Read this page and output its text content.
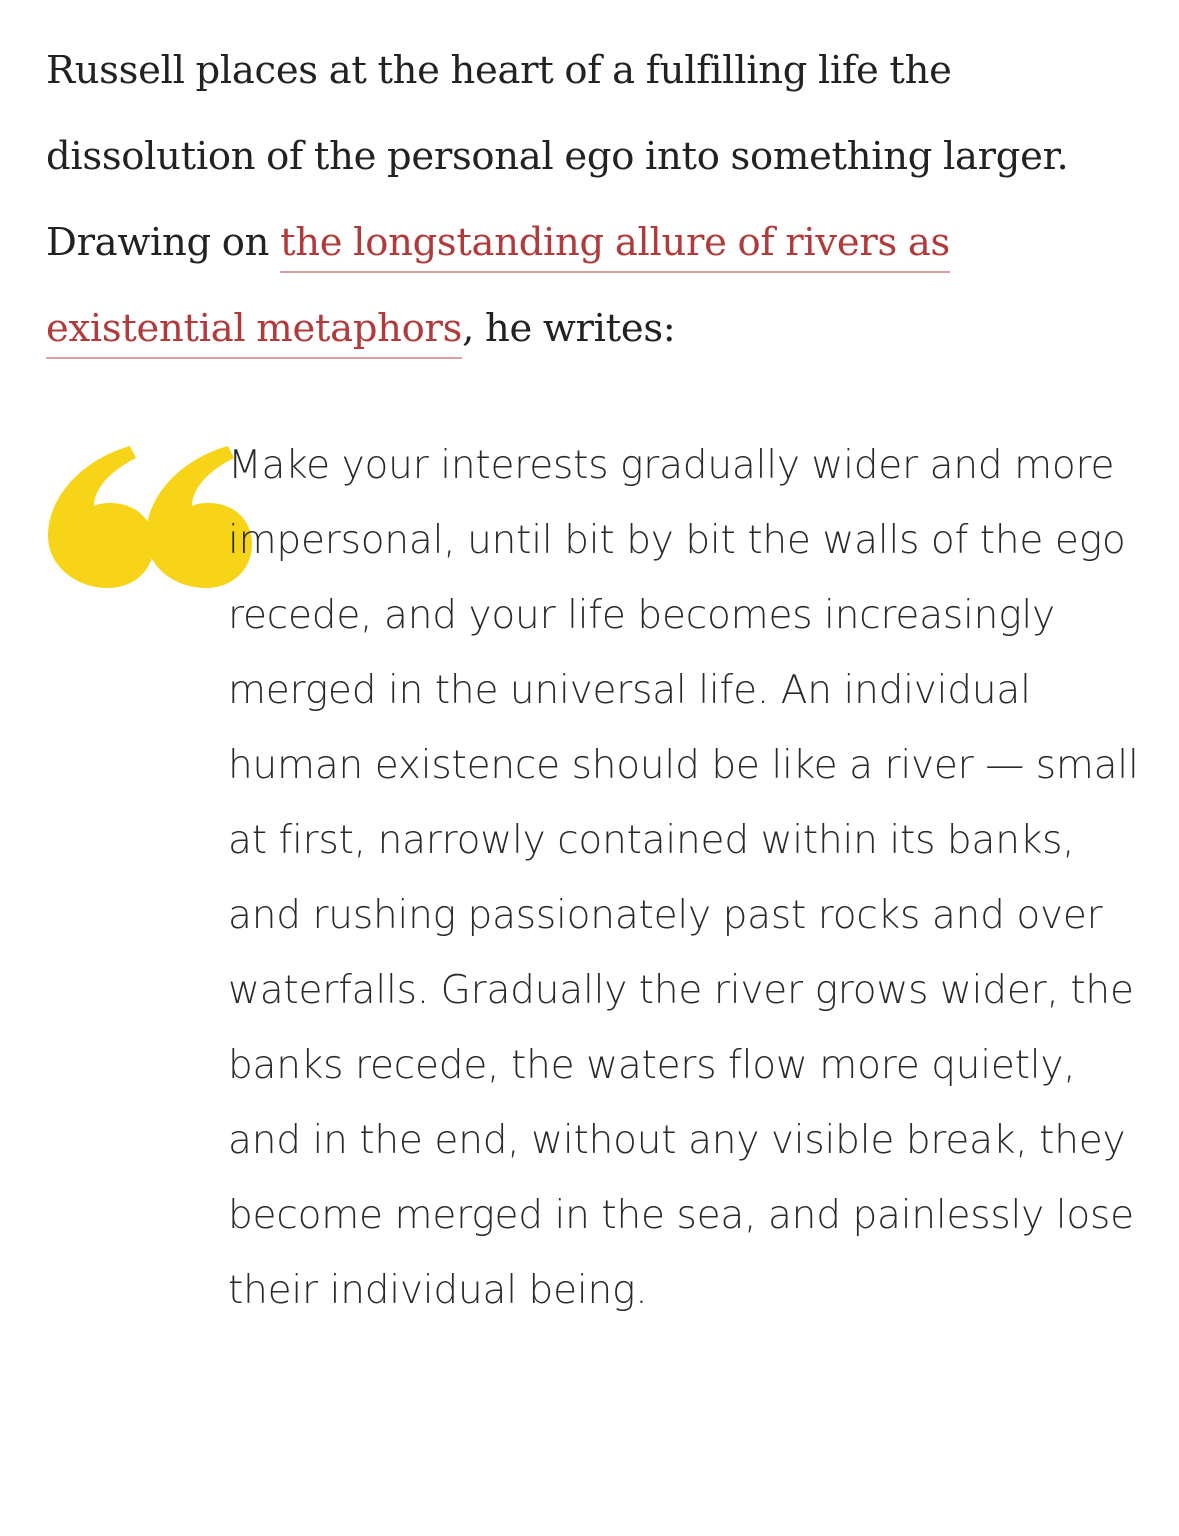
Russell places at the heart of a fulfilling life the dissolution of the personal ego into something larger. Drawing on the longstanding allure of rivers as existential metaphors, he writes:

Make your interests gradually wider and more impersonal, until bit by bit the walls of the ego recede, and your life becomes increasingly merged in the universal life. An individual human existence should be like a river — small at first, narrowly contained within its banks, and rushing passionately past rocks and over waterfalls. Gradually the river grows wider, the banks recede, the waters flow more quietly, and in the end, without any visible break, they become merged in the sea, and painlessly lose their individual being.
